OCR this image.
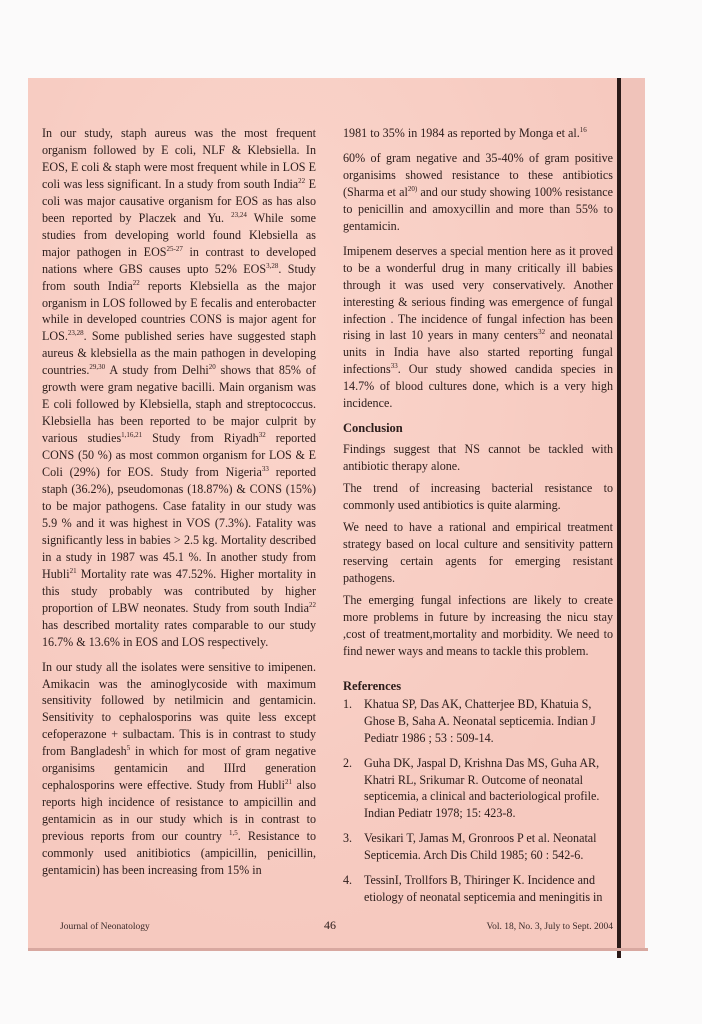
In our study, staph aureus was the most frequent organism followed by E coli, NLF & Klebsiella. In EOS, E coli & staph were most frequent while in LOS E coli was less significant. In a study from south India$^{22}$ E coli was major causative organism for EOS as has also been reported by Placzek and Yu. $^{23,24}$ While some studies from developing world found Klebsiella as major pathogen in EOS$^{25-27}$ in contrast to developed nations where GBS causes upto 52% EOS$^{3,28}$. Study from south India$^{22}$ reports Klebsiella as the major organism in LOS followed by E fecalis and enterobacter while in developed countries CONS is major agent for LOS.$^{23,28}$. Some published series have suggested staph aureus & klebsiella as the main pathogen in developing countries.$^{29,30}$ A study from Delhi$^{20}$ shows that 85% of growth were gram negative bacilli. Main organism was E coli followed by Klebsiella, staph and streptococcus. Klebsiella has been reported to be major culprit by various studies$^{1,16,21}$ Study from Riyadh$^{32}$ reported CONS (50 %) as most common organism for LOS & E Coli (29%) for EOS. Study from Nigeria$^{33}$ reported staph (36.2%), pseudomonas (18.87%) & CONS (15%) to be major pathogens. Case fatality in our study was 5.9 % and it was highest in VOS (7.3%). Fatality was significantly less in babies > 2.5 kg. Mortality described in a study in 1987 was 45.1 %. In another study from Hubli$^{21}$ Mortality rate was 47.52%. Higher mortality in this study probably was contributed by higher proportion of LBW neonates. Study from south India$^{22}$ has described mortality rates comparable to our study 16.7% & 13.6% in EOS and LOS respectively.

In our study all the isolates were sensitive to imipenen. Amikacin was the aminoglycoside with maximum sensitivity followed by netilmicin and gentamicin. Sensitivity to cephalosporins was quite less except cefoperazone + sulbactam. This is in contrast to study from Bangladesh$^5$ in which for most of gram negative organisims gentamicin and IIIrd generation cephalosporins were effective. Study from Hubli$^{21}$ also reports high incidence of resistance to ampicillin and gentamicin as in our study which is in contrast to previous reports from our country $^{1,5}$. Resistance to commonly used anitibiotics (ampicillin, penicillin, gentamicin) has been increasing from 15% in

1981 to 35% in 1984 as reported by Monga et al.$^{16}$

60% of gram negative and 35-40% of gram positive organisims showed resistance to these antibiotics (Sharma et $al^{20)}$ and our study showing 100% resistance to penicillin and amoxycillin and more than 55% to gentamicin.

Imipenem deserves a special mention here as it proved to be a wonderful drug in many critically ill babies through it was used very conservatively. Another interesting & serious finding was emergence of fungal infection . The incidence of fungal infection has been rising in last 10 years in many centers$^{32}$ and neonatal units in India have also started reporting fungal infections$^{33}$. Our study showed candida species in 14.7% of blood cultures done, which is a very high incidence.

Conclusion

Findings suggest that NS cannot be tackled with antibiotic therapy alone.

The trend of increasing bacterial resistance to commonly used antibiotics is quite alarming.

We need to have a rational and empirical treatment strategy based on local culture and sensitivity pattern reserving certain agents for emerging resistant pathogens.

The emerging fungal infections are likely to create more problems in future by increasing the nicu stay ,cost of treatment,mortality and morbidity. We need to find newer ways and means to tackle this problem.

References
1. Khatua SP, Das AK, Chatterjee BD, Khatuia S, Ghose B, Saha A. Neonatal septicemia. Indian J Pediatr 1986 ; 53 : 509-14.
2. Guha DK, Jaspal D, Krishna Das MS, Guha AR, Khatri RL, Srikumar R. Outcome of neonatal septicemia, a clinical and bacteriological profile. Indian Pediatr 1978; 15: 423-8.
3. Vesikari T, Jamas M, Gronroos P et al. Neonatal Septicemia. Arch Dis Child 1985; 60 : 542-6.
4. TessinI, Trollfors B, Thiringer K. Incidence and etiology of neonatal septicemia and meningitis in
Journal of Neonatology	46	Vol. 18, No. 3, July to Sept. 2004
